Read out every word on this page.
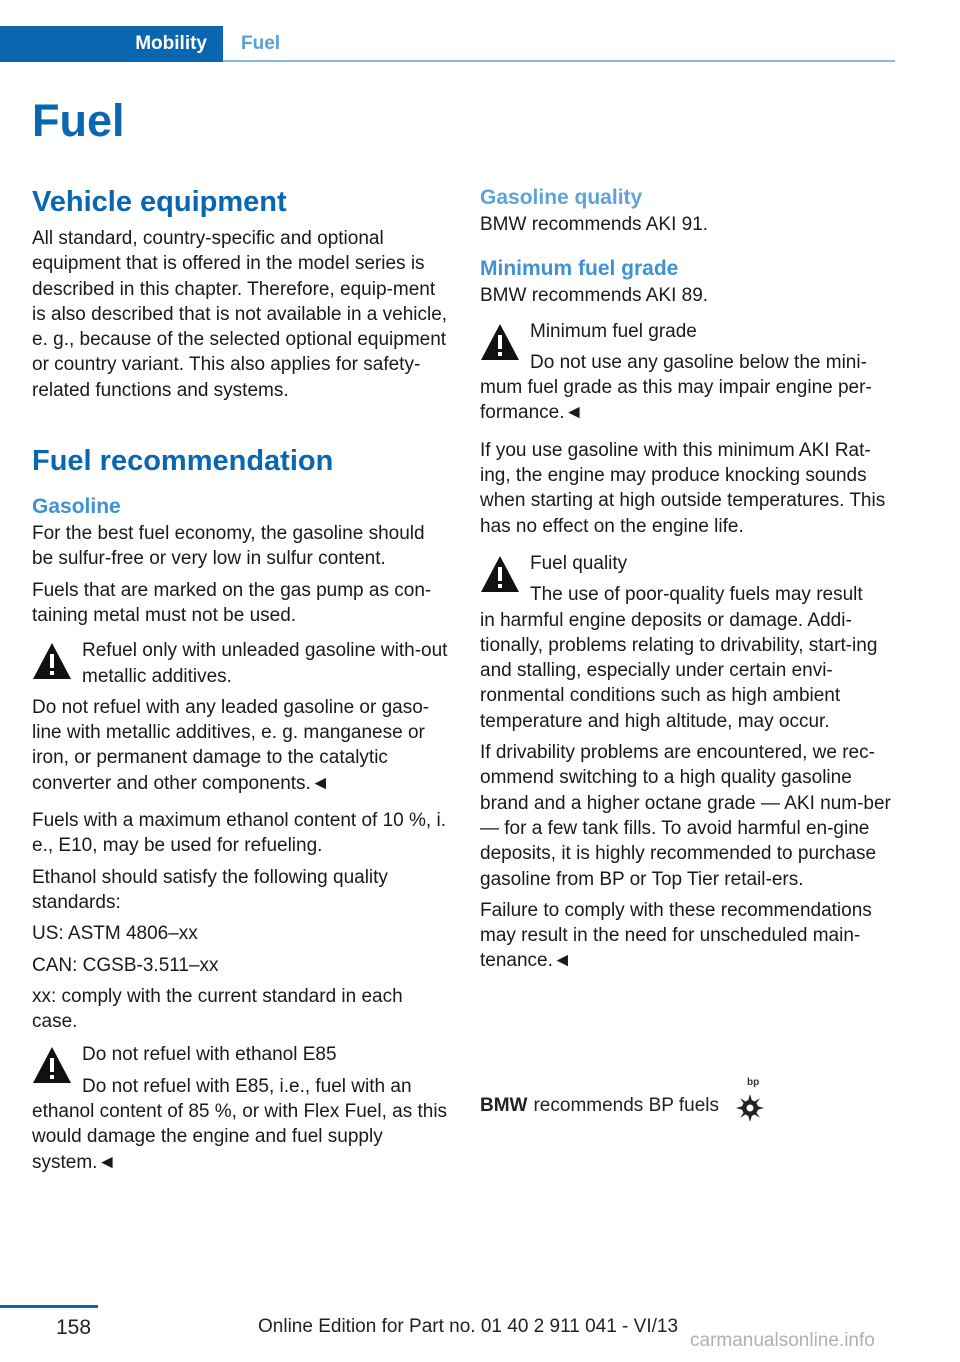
Mobility	Fuel
Fuel
Vehicle equipment

All standard, country-specific and optional equipment that is offered in the model series is described in this chapter. Therefore, equip‐ment is also described that is not available in a vehicle, e. g., because of the selected optional equipment or country variant. This also applies for safety-related functions and systems.

Fuel recommendation
Gasoline

For the best fuel economy, the gasoline should be sulfur-free or very low in sulfur content.

Fuels that are marked on the gas pump as con‐taining metal must not be used.

Refuel only with unleaded gasoline with‐out metallic additives.

Do not refuel with any leaded gasoline or gaso‐line with metallic additives, e. g. manganese or iron, or permanent damage to the catalytic converter and other components.◄

Fuels with a maximum ethanol content of 10 %, i. e., E10, may be used for refueling.

Ethanol should satisfy the following quality standards:

US: ASTM 4806–xx

CAN: CGSB-3.511–xx

xx: comply with the current standard in each case.

Do not refuel with ethanol E85
Do not refuel with E85, i.e., fuel with an
ethanol content of 85 %, or with Flex Fuel, as this would damage the engine and fuel supply system.◄
Gasoline quality

BMW recommends AKI 91.

Minimum fuel grade

BMW recommends AKI 89.

Minimum fuel grade
Do not use any gasoline below the mini‐
mum fuel grade as this may impair engine per‐formance.◄

If you use gasoline with this minimum AKI Rat‐ing, the engine may produce knocking sounds when starting at high outside temperatures. This has no effect on the engine life.

Fuel quality
The use of poor-quality fuels may result
in harmful engine deposits or damage. Addi‐tionally, problems relating to drivability, start‐ing and stalling, especially under certain envi‐ronmental conditions such as high ambient temperature and high altitude, may occur.

If drivability problems are encountered, we rec‐ommend switching to a high quality gasoline brand and a higher octane grade — AKI num‐ber — for a few tank fills. To avoid harmful en‐gine deposits, it is highly recommended to purchase gasoline from BP or Top Tier retail‐ers.

Failure to comply with these recommendations may result in the need for unscheduled main‐tenance.◄

BMW recommends BP fuels
bp
158	Online Edition for Part no. 01 40 2 911 041 - VI/13
carmanualsonline.info
